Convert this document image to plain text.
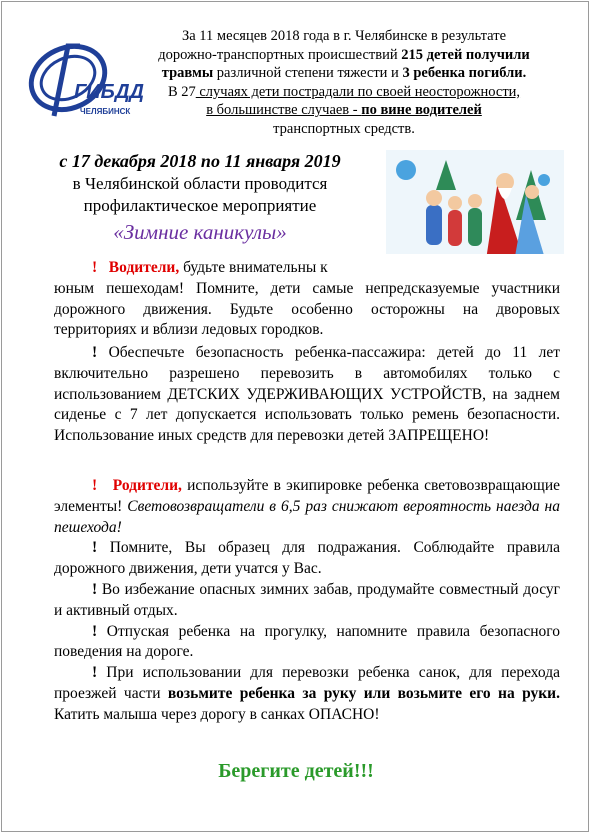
ГИБДД
ЧЕЛЯБИНСК
За 11 месяцев 2018 года в г. Челябинске в результате
дорожно-транспортных происшествий 215 детей получили
травмы различной степени тяжести и 3 ребенка погибли.
В 27 случаях дети пострадали по своей неосторожности,
в большинстве случаев - по вине водителей
транспортных средств.
с 17 декабря 2018 по 11 января 2019
в Челябинской области проводится
профилактическое мероприятие
«Зимние каникулы»
! Водители, будьте внимательны к
юным пешеходам! Помните, дети самые непредсказуемые участники дорожного движения. Будьте особенно осторожны на дворовых территориях и вблизи ледовых городков.
! Обеспечьте безопасность ребенка-пассажира: детей до 11 лет включительно разрешено перевозить в автомобилях только с использованием ДЕТСКИХ УДЕРЖИВАЮЩИХ УСТРОЙСТВ, на заднем сиденье с 7 лет допускается использовать только ремень безопасности. Использование иных средств для перевозки детей ЗАПРЕЩЕНО!
! Родители, используйте в экипировке ребенка световозвращающие элементы! Световозвращатели в 6,5 раз снижают вероятность наезда на пешехода!
! Помните, Вы образец для подражания. Соблюдайте правила дорожного движения, дети учатся у Вас.
! Во избежание опасных зимних забав, продумайте совместный досуг и активный отдых.
! Отпуская ребенка на прогулку, напомните правила безопасного поведения на дороге.
! При использовании для перевозки ребенка санок, для перехода проезжей части возьмите ребенка за руку или возьмите его на руки. Катить малыша через дорогу в санках ОПАСНО!
Берегите детей!!!
